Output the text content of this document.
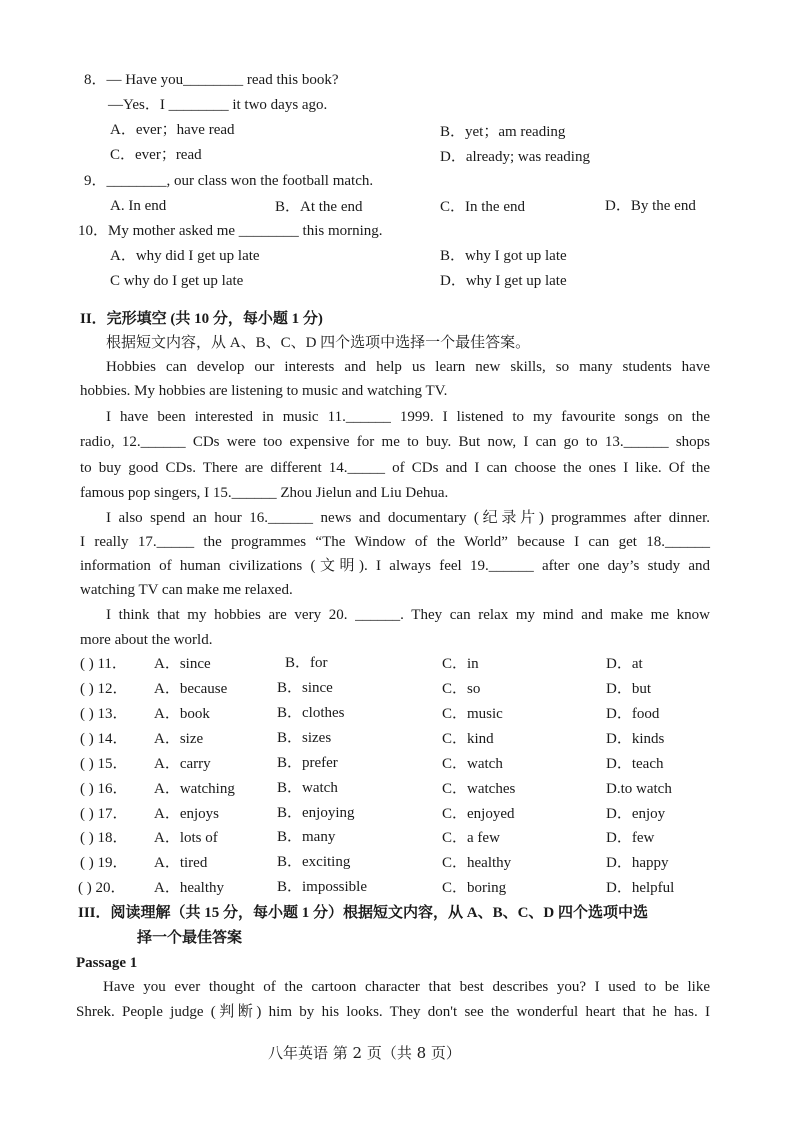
8．— Have you________ read this book?
—Yes．I ________ it two days ago.
A．ever；have read	B．yet；am reading
C．ever；read	D．already; was reading
9．________, our class won the football match.
A. In end	B．At the end	C．In the end	D．By the end
10．My mother asked me ________ this morning.
A．why did I get up late	B．why I got up late
C why do I get up late	D．why I get up late
II．完形填空 (共 10 分，每小题 1 分)
根据短文内容，从 A、B、C、D 四个选项中选择一个最佳答案。
Hobbies can develop our interests and help us learn new skills, so many students have
hobbies. My hobbies are listening to music and watching TV.
I have been interested in music 11.______ 1999. I listened to my favourite songs on the
radio, 12.______ CDs were too expensive for me to buy. But now, I can go to 13.______ shops
to buy good CDs. There are different 14._____ of CDs and I can choose the ones I like. Of the
famous pop singers, I 15.______ Zhou Jielun and Liu Dehua.
I also spend an hour 16.______ news and documentary (纪录片) programmes after dinner.
I really 17._____ the programmes “The Window of the World” because I can get 18.______
information of human civilizations (文明). I always feel 19.______ after one day’s study and
watching TV can make me relaxed.
I think that my hobbies are very 20. ______. They can relax my mind and make me know
more about the world.
( ) 11． A．since	B．for	C．in	D．at
( ) 12． A．because	B．since	C．so	D．but
( ) 13． A．book	B．clothes	C．music	D．food
( ) 14． A．size	B．sizes	C．kind	D．kinds
( ) 15． A．carry	B．prefer	C．watch	D．teach
( ) 16． A．watching	B．watch	C．watches	D.to watch
( ) 17． A．enjoys	B．enjoying	C．enjoyed	D．enjoy
( ) 18． A．lots of	B．many	C．a few	D．few
( ) 19． A．tired	B．exciting	C．healthy	D．happy
( ) 20． A．healthy	B．impossible	C．boring	D．helpful
III．阅读理解（共 15 分，每小题 1 分）根据短文内容，从 A、B、C、D 四个选项中选
择一个最佳答案
Passage 1
Have you ever thought of the cartoon character that best describes you? I used to be like
Shrek. People judge (判断) him by his looks. They don't see the wonderful heart that he has. I
八年英语 第 2 页（共 8 页）
